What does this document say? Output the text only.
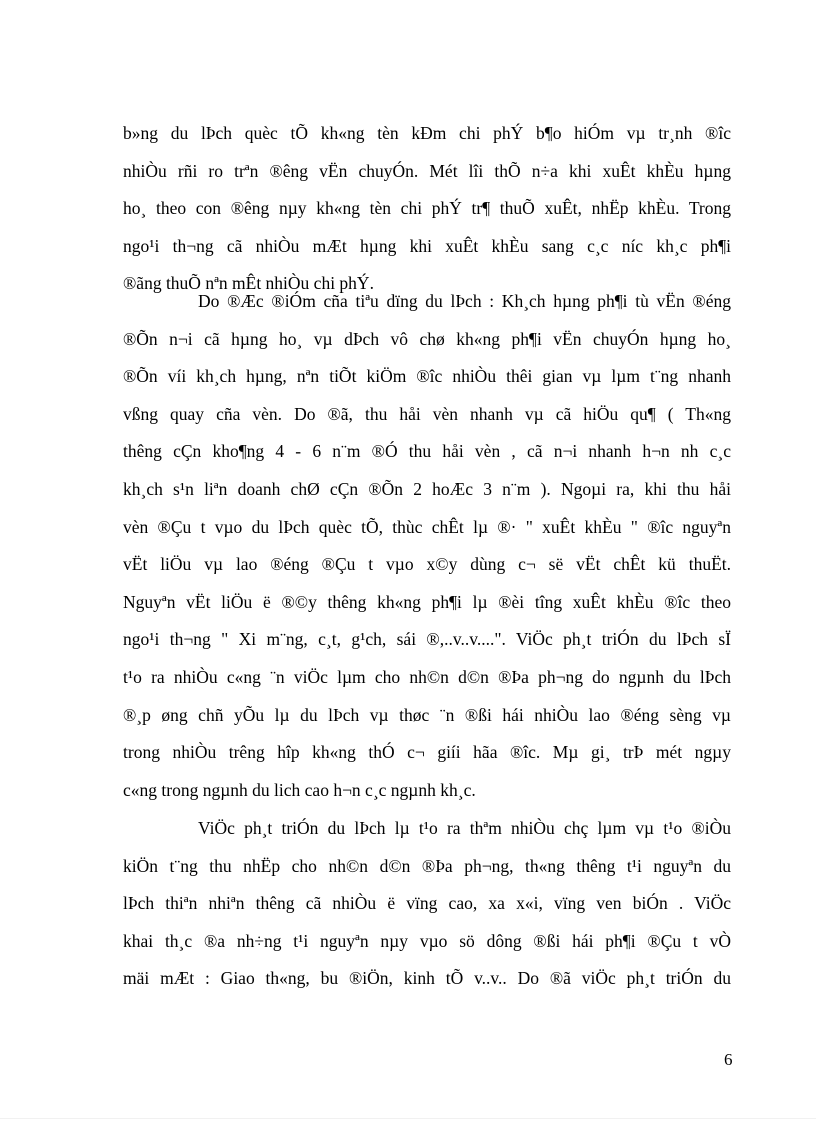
b»ng du lÞch quèc tÕ kh«ng tèn kÐm chi phÝ b¶o hiÓm vµ tr¸nh ®îc
nhiÒu rñi ro trªn ®êng vËn chuyÓn. Mét lîi thÕ n÷a khi xuÊt khÈu hµng
ho¸ theo con ®êng nµy kh«ng tèn chi phÝ tr¶ thuÕ xuÊt, nhËp khÈu. Trong
ngo¹i th¬ng cã nhiÒu mÆt hµng khi xuÊt khÈu sang c¸c níc kh¸c ph¶i
®ãng thuÕ nªn mÊt nhiÒu chi phÝ.
Do ®Æc ®iÓm cña tiªu dïng du lÞch : Kh¸ch hµng ph¶i tù vËn ®éng
®Õn n¬i cã hµng ho¸ vµ dÞch vô chø kh«ng ph¶i vËn chuyÓn hµng ho¸
®Õn víi kh¸ch hµng, nªn tiÕt kiÖm ®îc nhiÒu thêi gian vµ lµm t¨ng nhanh
vßng quay cña vèn. Do ®ã, thu håi vèn nhanh vµ cã hiÖu qu¶ ( Th«ng
thêng cÇn kho¶ng 4 - 6 n¨m ®Ó thu håi vèn , cã n¬i nhanh h¬n nh c¸c
kh¸ch s¹n liªn doanh chØ cÇn ®Õn 2 hoÆc 3 n¨m ). Ngoµi ra, khi thu håi
vèn ®Çu t vµo du lÞch quèc tÕ, thùc chÊt lµ ®· " xuÊt khÈu " ®îc nguyªn
vËt liÖu vµ lao ®éng ®Çu t vµo x©y dùng c¬ së vËt chÊt kü thuËt.
Nguyªn vËt liÖu ë ®©y thêng kh«ng ph¶i lµ ®èi tîng xuÊt khÈu ®îc theo
ngo¹i th¬ng " Xi m¨ng, c¸t, g¹ch, sái ®,..v..v....". ViÖc ph¸t triÓn du lÞch sÏ
t¹o ra nhiÒu c«ng ¨n viÖc lµm cho nh©n d©n ®Þa ph¬ng do ngµnh du lÞch
®¸p øng chñ yÕu lµ du lÞch vµ thøc ¨n ®ßi hái nhiÒu lao ®éng sèng vµ
trong nhiÒu trêng hîp kh«ng thÓ c¬ giíi hãa ®îc. Mµ gi¸ trÞ mét ngµy
c«ng trong ngµnh du lich cao h¬n c¸c ngµnh kh¸c.
ViÖc ph¸t triÓn du lÞch lµ t¹o ra thªm nhiÒu chç lµm vµ t¹o ®iÒu
kiÖn t¨ng thu nhËp cho nh©n d©n ®Þa ph¬ng, th«ng thêng t¹i nguyªn du
lÞch thiªn nhiªn thêng cã nhiÒu ë vïng cao, xa x«i, vïng ven biÓn . ViÖc
khai th¸c ®a nh÷ng t¹i nguyªn nµy vµo sö dông ®ßi hái ph¶i ®Çu t vÒ
mäi mÆt : Giao th«ng, bu ®iÖn, kinh tÕ v..v.. Do ®ã viÖc ph¸t triÓn du
6
